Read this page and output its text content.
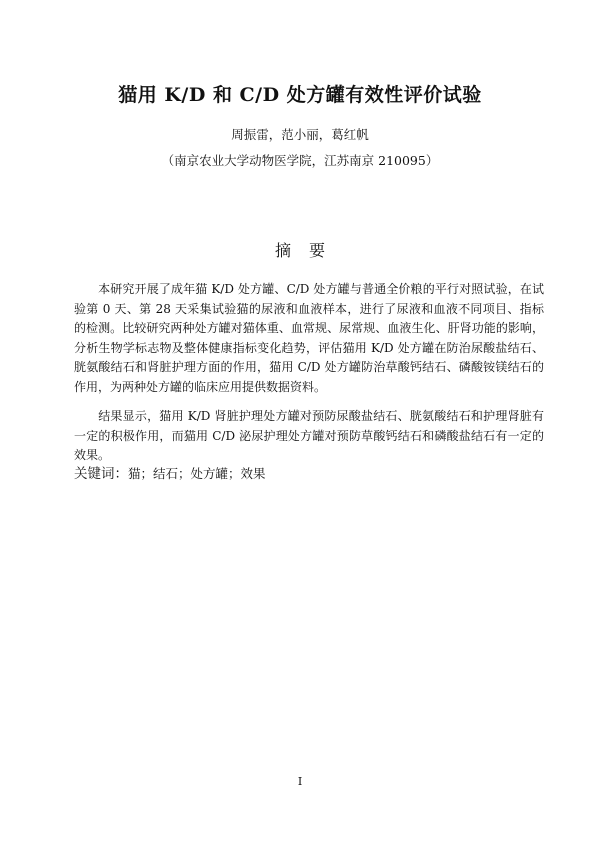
猫用 K/D 和 C/D 处方罐有效性评价试验
周振雷，范小丽，葛红帆
（南京农业大学动物医学院，江苏南京 210095）
摘要
本研究开展了成年猫 K/D 处方罐、C/D 处方罐与普通全价粮的平行对照试验，在试验第 0 天、第 28 天采集试验猫的尿液和血液样本，进行了尿液和血液不同项目、指标的检测。比较研究两种处方罐对猫体重、血常规、尿常规、血液生化、肝肾功能的影响，分析生物学标志物及整体健康指标变化趋势，评估猫用 K/D 处方罐在防治尿酸盐结石、胱氨酸结石和肾脏护理方面的作用，猫用 C/D 处方罐防治草酸钙结石、磷酸铵镁结石的作用，为两种处方罐的临床应用提供数据资料。
结果显示，猫用 K/D 肾脏护理处方罐对预防尿酸盐结石、胱氨酸结石和护理肾脏有一定的积极作用，而猫用 C/D 泌尿护理处方罐对预防草酸钙结石和磷酸盐结石有一定的效果。
关键词：猫；结石；处方罐；效果
I
